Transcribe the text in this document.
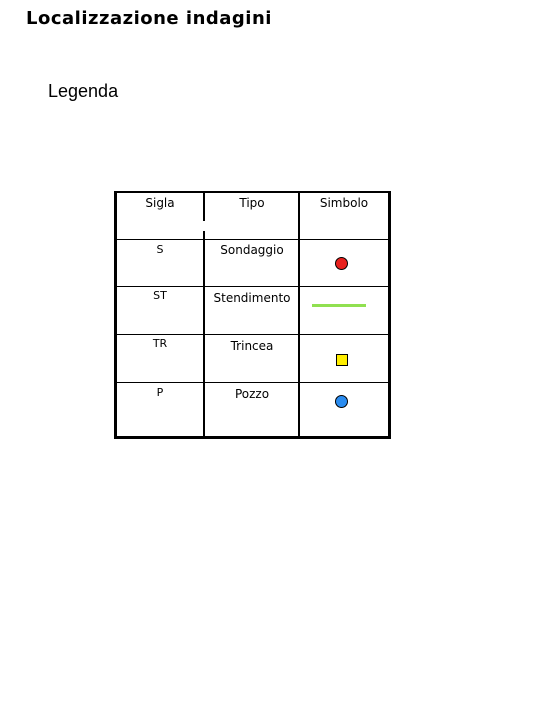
Localizzazione indagini
Legenda
Sigla	Tipo	Simbolo
S	Sondaggio
ST	Stendimento
TR	Trincea
P	Pozzo
